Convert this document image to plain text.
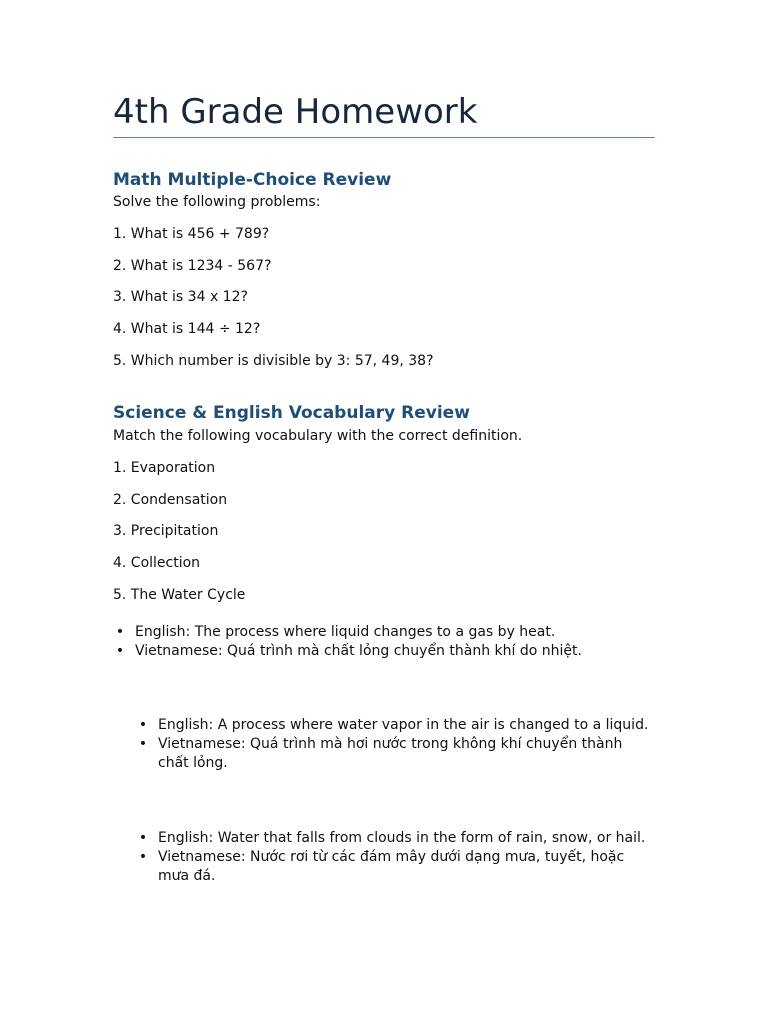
4th Grade Homework
Math Multiple-Choice Review

Solve the following problems:

1. What is 456 + 789?

2. What is 1234 - 567?

3. What is 34 x 12?

4. What is 144 ÷ 12?

5. Which number is divisible by 3: 57, 49, 38?

Science & English Vocabulary Review

Match the following vocabulary with the correct definition.

1. Evaporation

2. Condensation

3. Precipitation

4. Collection

5. The Water Cycle

• English: The process where liquid changes to a gas by heat.
• Vietnamese: Quá trình mà chất lỏng chuyển thành khí do nhiệt.
• English: A process where water vapor in the air is changed to a liquid.
• Vietnamese: Quá trình mà hơi nước trong không khí chuyển thành chất lỏng.
• English: Water that falls from clouds in the form of rain, snow, or hail.
• Vietnamese: Nước rơi từ các đám mây dưới dạng mưa, tuyết, hoặc mưa đá.
